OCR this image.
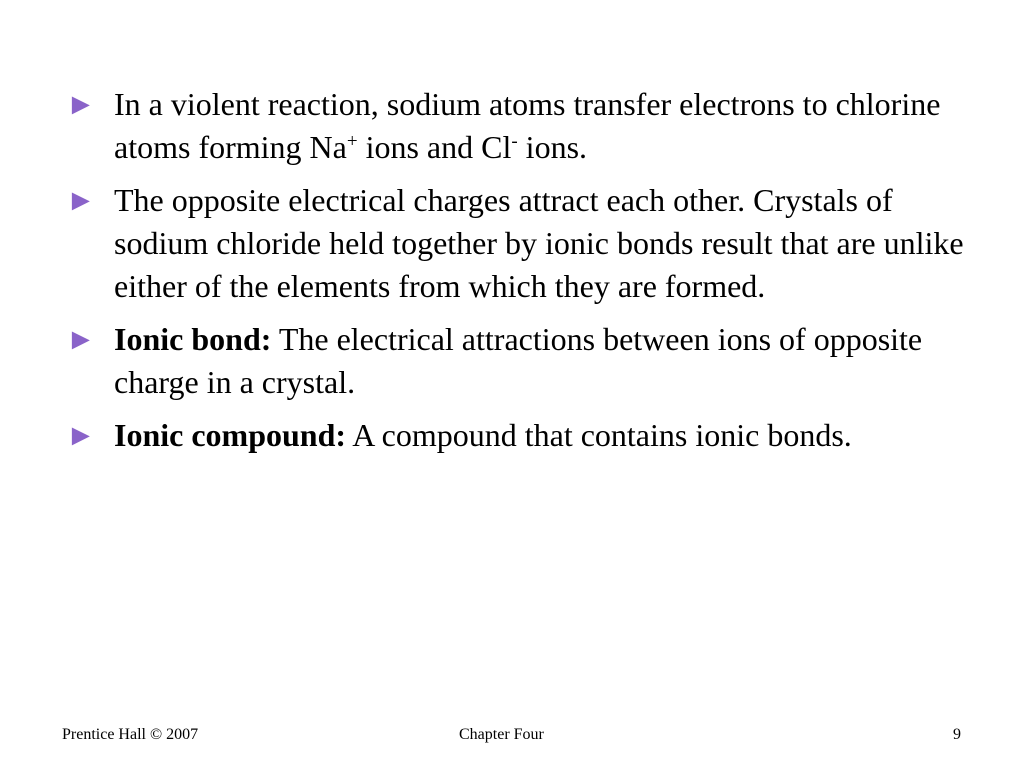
► In a violent reaction, sodium atoms transfer electrons to chlorine atoms forming Na+ ions and Cl- ions.
► The opposite electrical charges attract each other. Crystals of sodium chloride held together by ionic bonds result that are unlike either of the elements from which they are formed.
► Ionic bond: The electrical attractions between ions of opposite charge in a crystal.
► Ionic compound: A compound that contains ionic bonds.
Prentice Hall © 2007	Chapter Four	9
